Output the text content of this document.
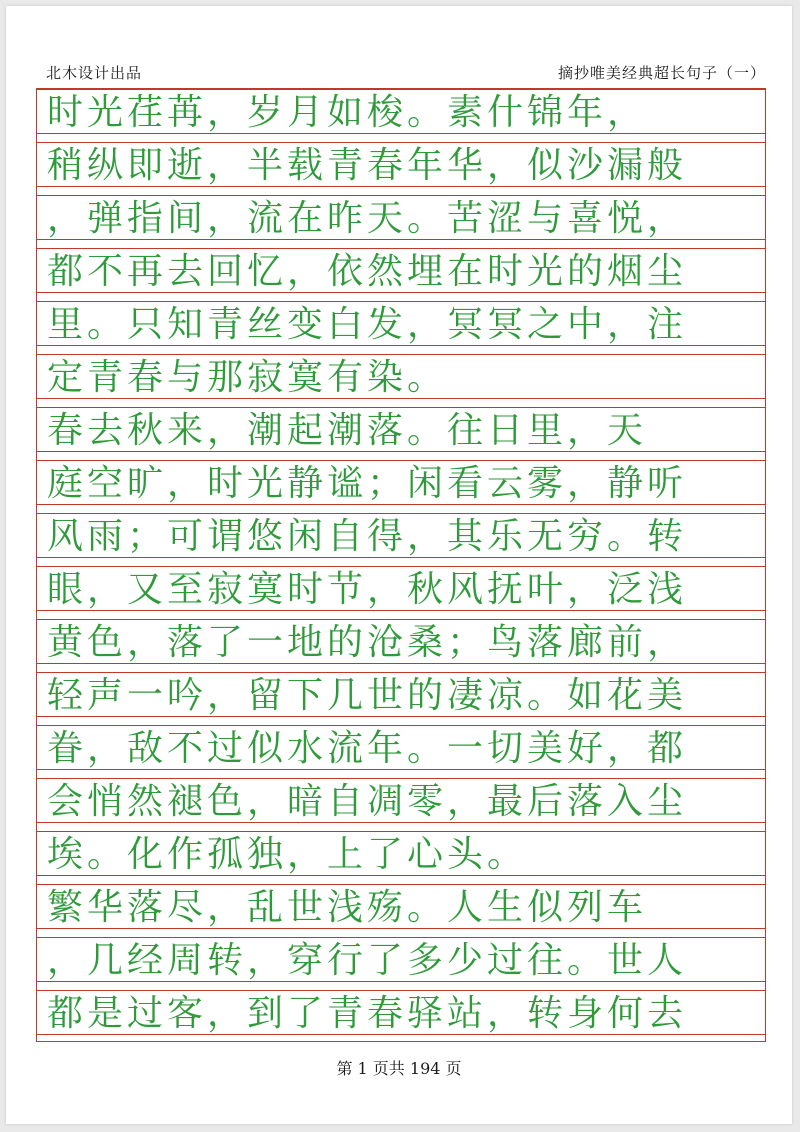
北木设计出品	摘抄唯美经典超长句子（一）
时光荏苒，岁月如梭。素什锦年，
稍纵即逝，半载青春年华，似沙漏般
，弹指间，流在昨天。苦涩与喜悦，
都不再去回忆，依然埋在时光的烟尘
里。只知青丝变白发，冥冥之中，注
定青春与那寂寞有染。
春去秋来，潮起潮落。往日里，天
庭空旷，时光静谧；闲看云雾，静听
风雨；可谓悠闲自得，其乐无穷。转
眼，又至寂寞时节，秋风抚叶，泛浅
黄色，落了一地的沧桑；鸟落廊前，
轻声一吟，留下几世的凄凉。如花美
眷，敌不过似水流年。一切美好，都
会悄然褪色，暗自凋零，最后落入尘
埃。化作孤独，上了心头。
繁华落尽，乱世浅殇。人生似列车
，几经周转，穿行了多少过往。世人
都是过客，到了青春驿站，转身何去
第 1 页共 194 页
